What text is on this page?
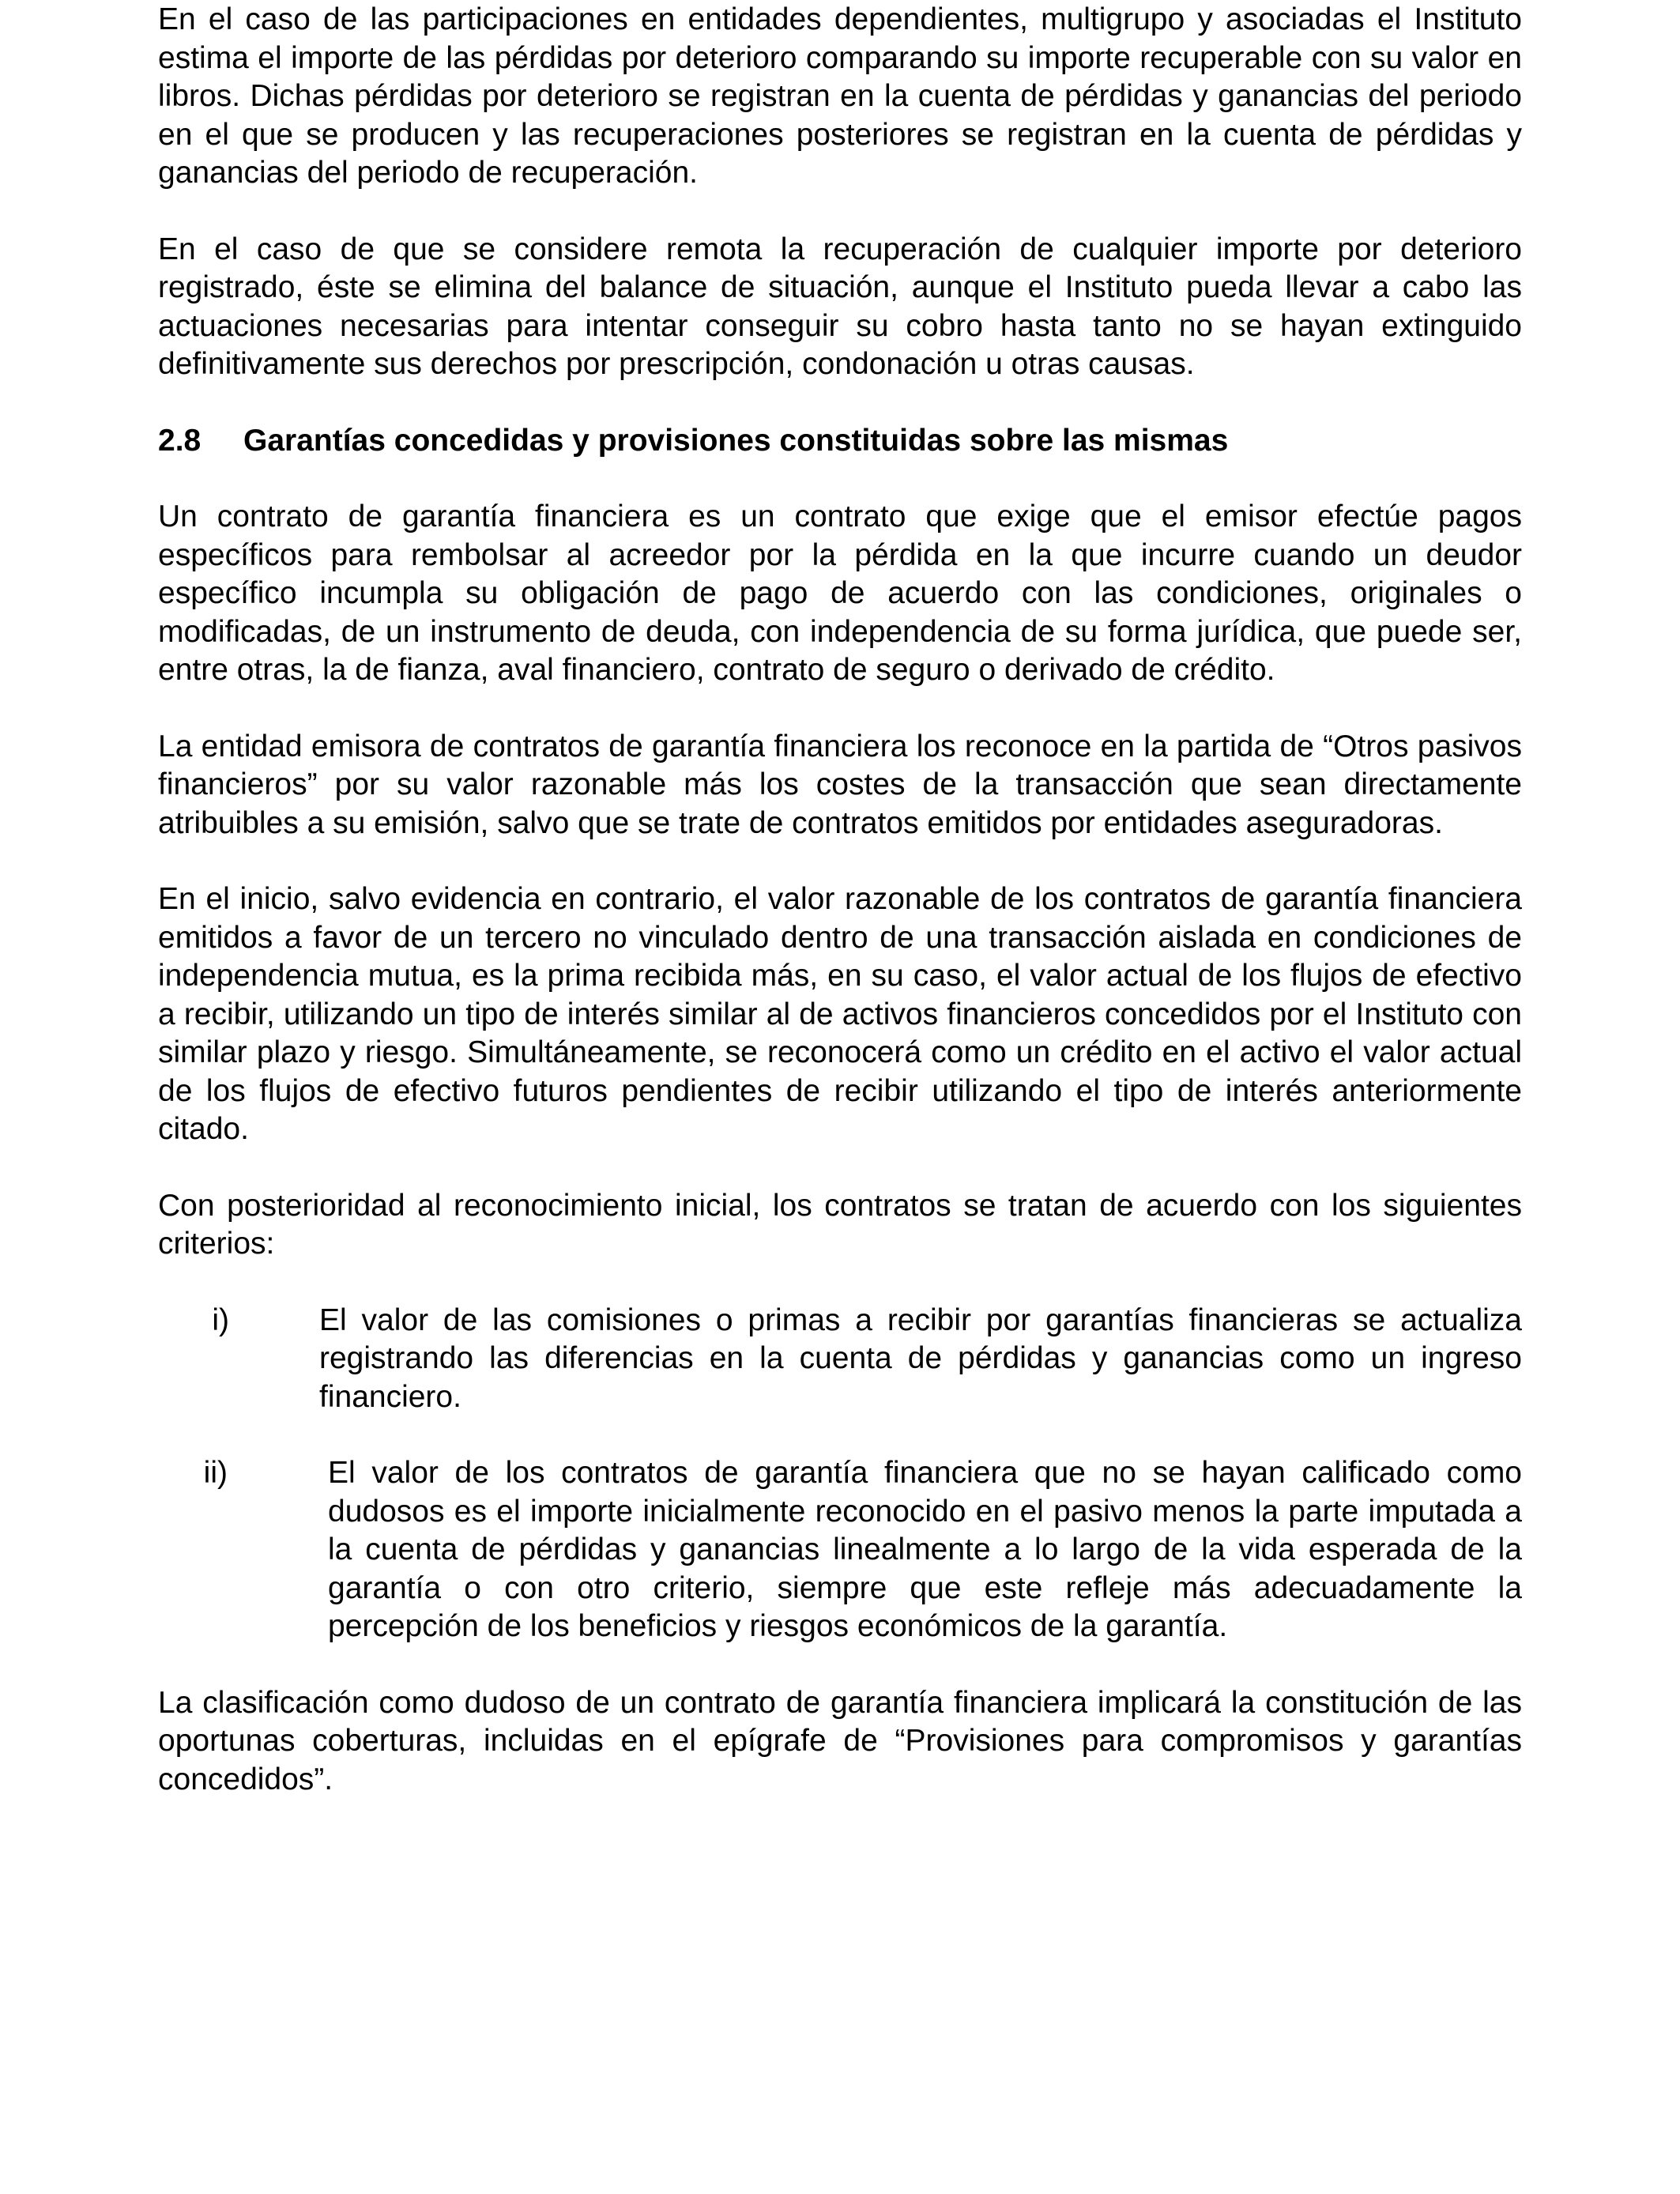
En el caso de las participaciones en entidades dependientes, multigrupo y asociadas el Instituto estima el importe de las pérdidas por deterioro comparando su importe recuperable con su valor en libros. Dichas pérdidas por deterioro se registran en la cuenta de pérdidas y ganancias del periodo en el que se producen y las recuperaciones posteriores se registran en la cuenta de pérdidas y ganancias del periodo de recuperación.

En el caso de que se considere remota la recuperación de cualquier importe por deterioro registrado, éste se elimina del balance de situación, aunque el Instituto pueda llevar a cabo las actuaciones necesarias para intentar conseguir su cobro hasta tanto no se hayan extinguido definitivamente sus derechos por prescripción, condonación u otras causas.

2.8	Garantías concedidas y provisiones constituidas sobre las mismas

Un contrato de garantía financiera es un contrato que exige que el emisor efectúe pagos específicos para rembolsar al acreedor por la pérdida en la que incurre cuando un deudor específico incumpla su obligación de pago de acuerdo con las condiciones, originales o modificadas, de un instrumento de deuda, con independencia de su forma jurídica, que puede ser, entre otras, la de fianza, aval financiero, contrato de seguro o derivado de crédito.

La entidad emisora de contratos de garantía financiera los reconoce en la partida de “Otros pasivos financieros” por su valor razonable más los costes de la transacción que sean directamente atribuibles a su emisión, salvo que se trate de contratos emitidos por entidades aseguradoras.

En el inicio, salvo evidencia en contrario, el valor razonable de los contratos de garantía financiera emitidos a favor de un tercero no vinculado dentro de una transacción aislada en condiciones de independencia mutua, es la prima recibida más, en su caso, el valor actual de los flujos de efectivo a recibir, utilizando un tipo de interés similar al de activos financieros concedidos por el Instituto con similar plazo y riesgo. Simultáneamente, se reconocerá como un crédito en el activo el valor actual de los flujos de efectivo futuros pendientes de recibir utilizando el tipo de interés anteriormente citado.

Con posterioridad al reconocimiento inicial, los contratos se tratan de acuerdo con los siguientes criterios:

i)	El valor de las comisiones o primas a recibir por garantías financieras se actualiza registrando las diferencias en la cuenta de pérdidas y ganancias como un ingreso financiero.
ii)	El valor de los contratos de garantía financiera que no se hayan calificado como dudosos es el importe inicialmente reconocido en el pasivo menos la parte imputada a la cuenta de pérdidas y ganancias linealmente a lo largo de la vida esperada de la garantía o con otro criterio, siempre que este refleje más adecuadamente la percepción de los beneficios y riesgos económicos de la garantía.

La clasificación como dudoso de un contrato de garantía financiera implicará la constitución de las oportunas coberturas, incluidas en el epígrafe de “Provisiones para compromisos y garantías concedidos”.
